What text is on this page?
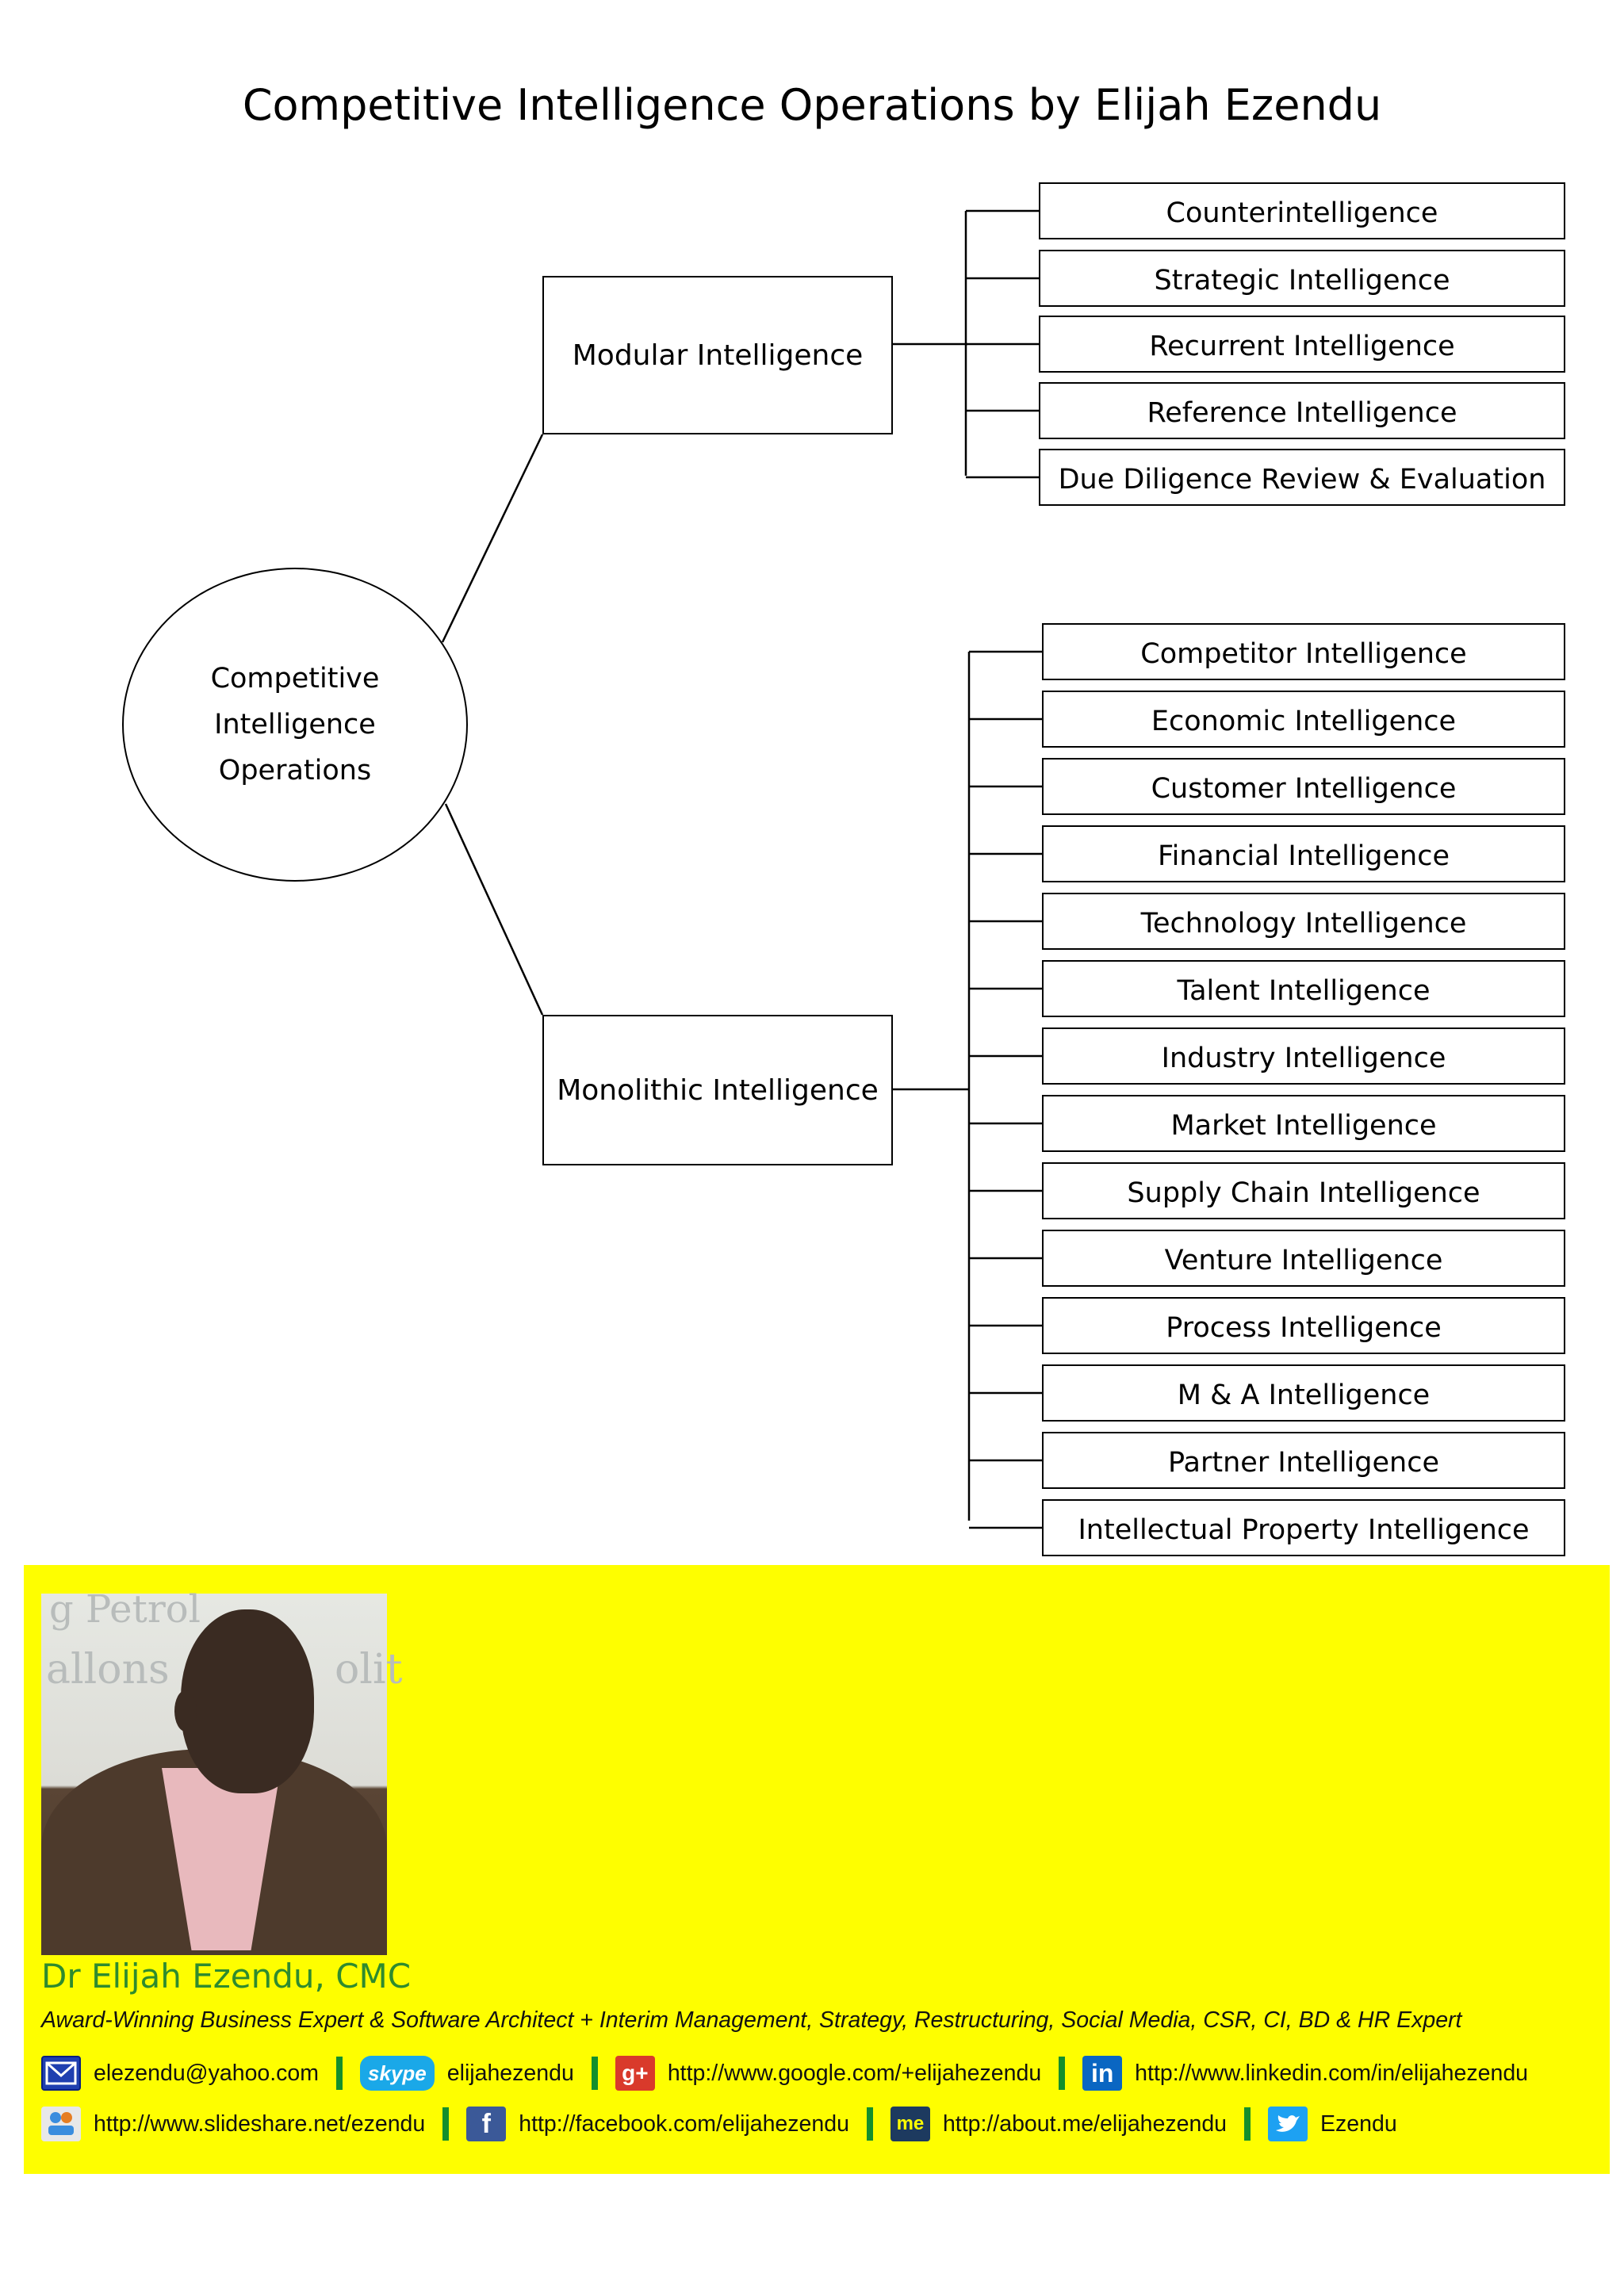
Competitive Intelligence Operations by Elijah Ezendu
Competitive
Intelligence
Operations
Modular Intelligence
Monolithic Intelligence
Counterintelligence
Strategic Intelligence
Recurrent Intelligence
Reference Intelligence
Due Diligence Review & Evaluation
Competitor Intelligence
Economic Intelligence
Customer Intelligence
Financial Intelligence
Technology Intelligence
Talent Intelligence
Industry Intelligence
Market Intelligence
Supply Chain Intelligence
Venture Intelligence
Process Intelligence
M & A Intelligence
Partner Intelligence
Intellectual Property Intelligence
g Petrol
allons	olit
Dr Elijah Ezendu, CMC
Award-Winning Business Expert & Software Architect + Interim Management, Strategy, Restructuring, Social Media, CSR, CI, BD & HR Expert
elezendu@yahoo.com	skype elijahezendu g+ http://www.google.com/+elijahezendu	in http://www.linkedin.com/in/elijahezendu
http://www.slideshare.net/ezendu	f	http://facebook.com/elijahezendu	me http://about.me/elijahezendu	Ezendu
